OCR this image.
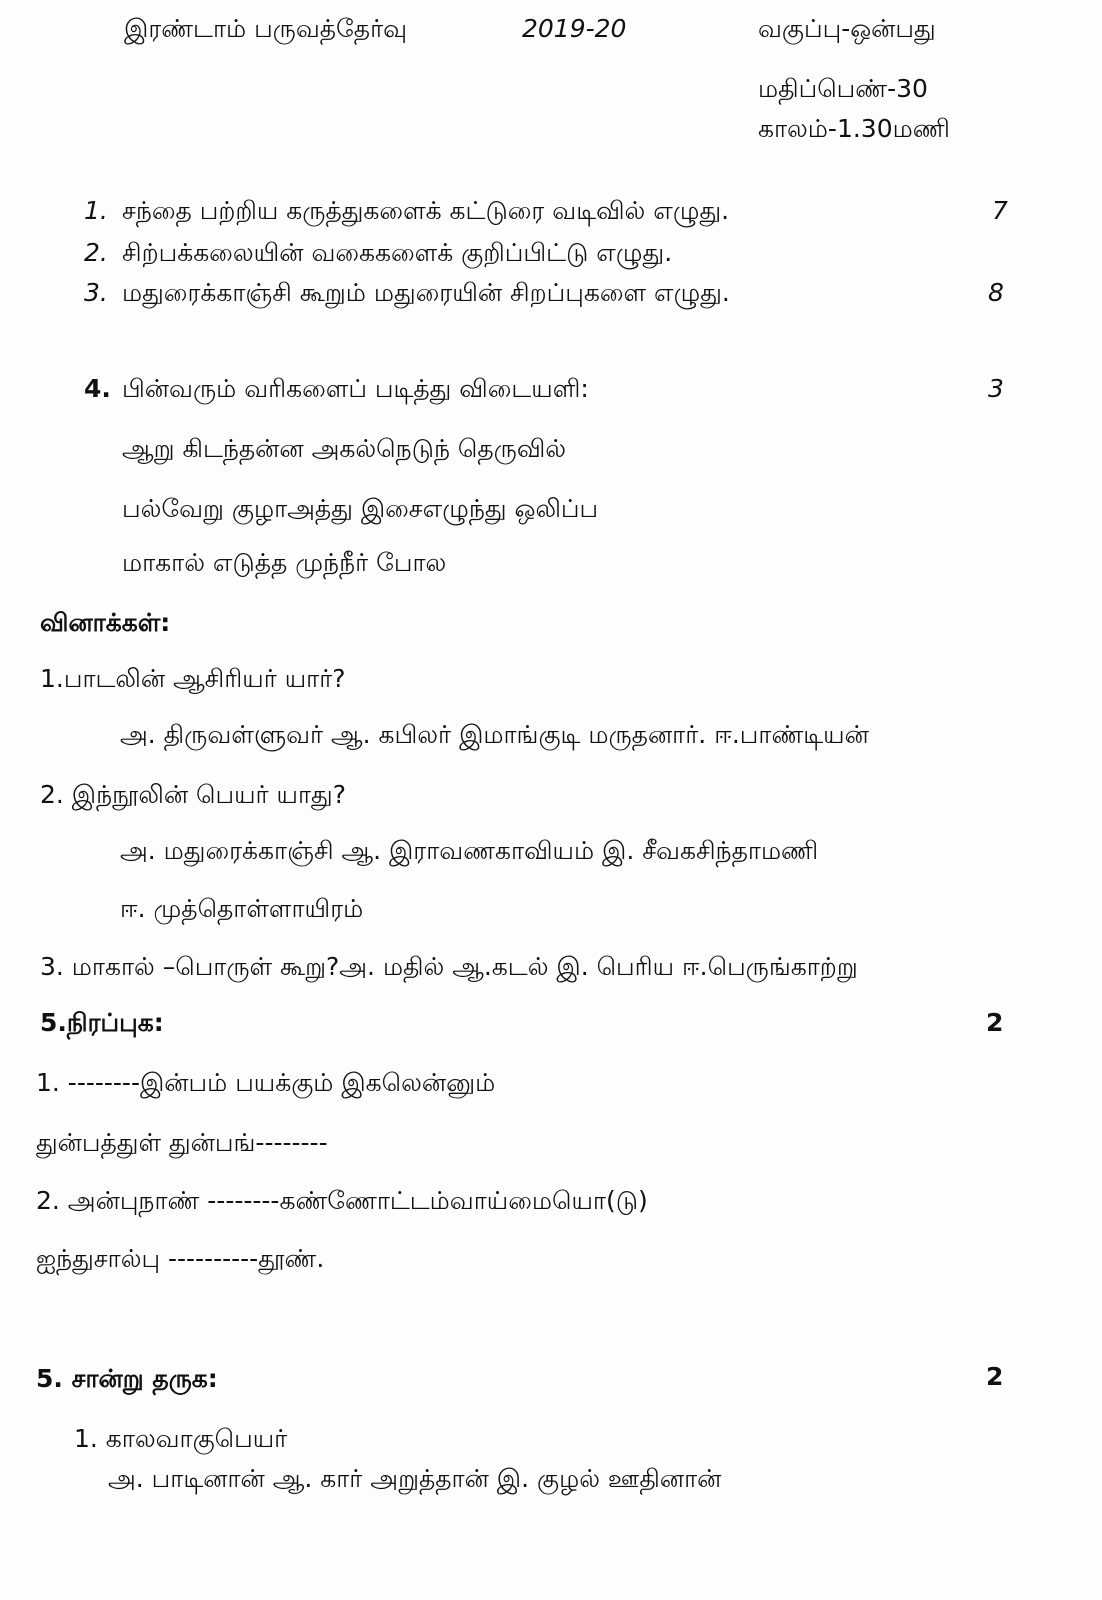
இரண்டாம் பருவத்தேர்வு	2019-20	வகுப்பு-ஒன்பது
மதிப்பெண்-30
காலம்-1.30மணி
1. சந்தை பற்றிய கருத்துகளைக் கட்டுரை வடிவில் எழுது.	7
2. சிற்பக்கலையின் வகைகளைக் குறிப்பிட்டு எழுது.
3. மதுரைக்காஞ்சி கூறும் மதுரையின் சிறப்புகளை எழுது.	8
4. பின்வரும் வரிகளைப் படித்து விடையளி:	3
ஆறு கிடந்தன்ன அகல்நெடுந் தெருவில்
பல்வேறு குழாஅத்து இசைஎழுந்து ஒலிப்ப
மாகால் எடுத்த முந்நீர் போல
வினாக்கள்:
1.பாடலின் ஆசிரியர் யார்?
அ. திருவள்ளுவர் ஆ. கபிலர் இமாங்குடி மருதனார். ஈ.பாண்டியன்
2. இந்நூலின் பெயர் யாது?
அ. மதுரைக்காஞ்சி ஆ. இராவணகாவியம் இ. சீவகசிந்தாமணி
ஈ. முத்தொள்ளாயிரம்
3. மாகால் –பொருள் கூறு?அ. மதில் ஆ.கடல் இ. பெரிய ஈ.பெருங்காற்று
5.நிரப்புக:	2
1. --------இன்பம் பயக்கும் இகலென்னும்
துன்பத்துள் துன்பங்--------
2. அன்புநாண் --------கண்ணோட்டம்வாய்மையொ(டு)
ஐந்துசால்பு ----------தூண்.
5. சான்று தருக:	2
1. காலவாகுபெயர்
அ. பாடினான் ஆ. கார் அறுத்தான் இ. குழல் ஊதினான்
